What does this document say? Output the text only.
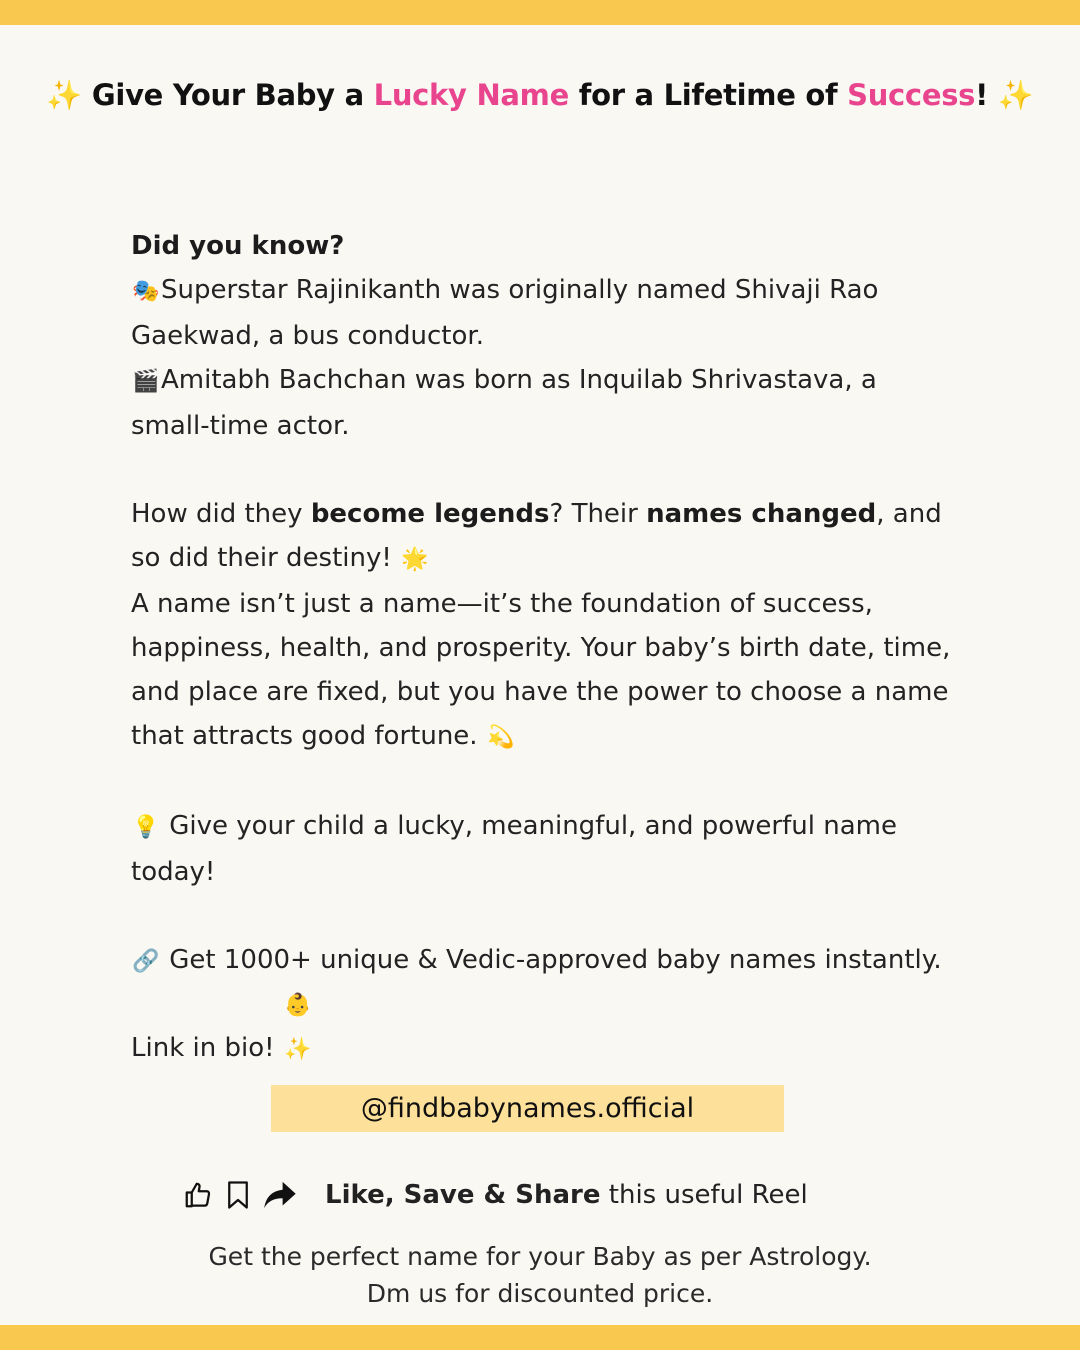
✨ Give Your Baby a Lucky Name for a Lifetime of Success! ✨

Did you know?

🎭Superstar Rajinikanth was originally named Shivaji Rao Gaekwad, a bus conductor.

🎬Amitabh Bachchan was born as Inquilab Shrivastava, a small-time actor.

How did they become legends? Their names changed, and so did their destiny! 🌟

A name isn’t just a name—it’s the foundation of success, happiness, health, and prosperity. Your baby’s birth date, time, and place are fixed, but you have the power to choose a name that attracts good fortune. 💫

💡 Give your child a lucky, meaningful, and powerful name today!

🔗 Get 1000+ unique & Vedic-approved baby names instantly. Link in bio! 👶✨

@findbabynames.official
Like, Save & Share this useful Reel
Get the perfect name for your Baby as per Astrology.
Dm us for discounted price.
